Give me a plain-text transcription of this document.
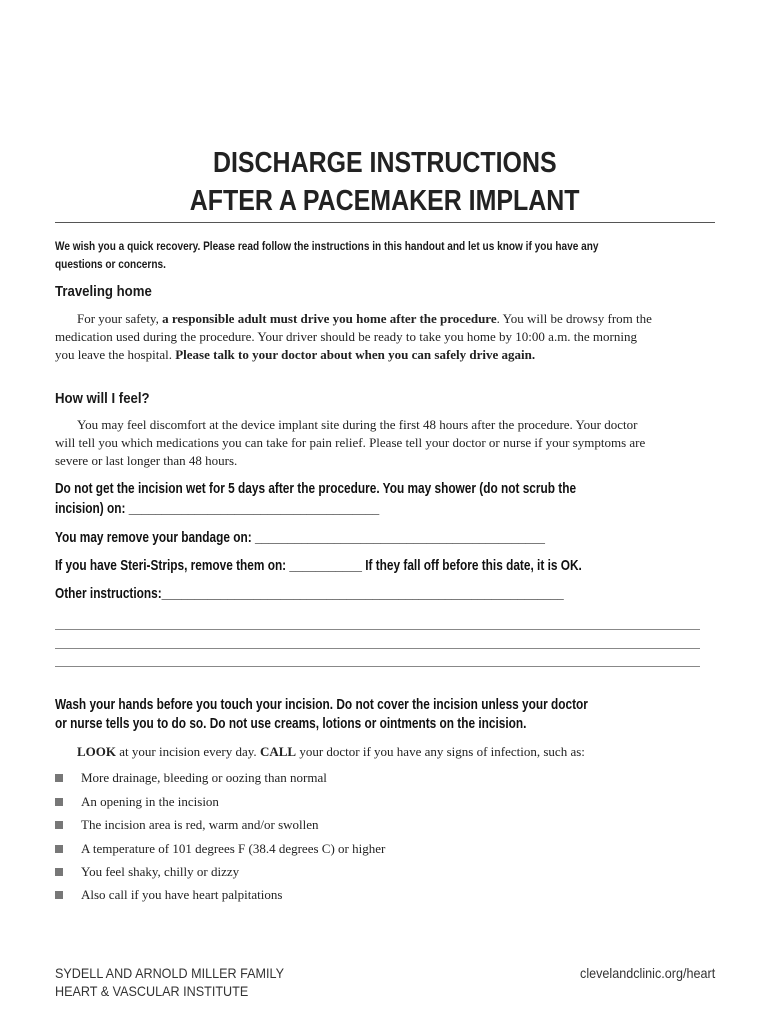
DISCHARGE INSTRUCTIONS
AFTER A PACEMAKER IMPLANT
We wish you a quick recovery. Please read follow the instructions in this handout and let us know if you have any
questions or concerns.
Traveling home
For your safety, a responsible adult must drive you home after the procedure. You will be drowsy from the
medication used during the procedure. Your driver should be ready to take you home by 10:00 a.m. the morning
you leave the hospital. Please talk to your doctor about when you can safely drive again.
How will I feel?
You may feel discomfort at the device implant site during the first 48 hours after the procedure. Your doctor
will tell you which medications you can take for pain relief. Please tell your doctor or nurse if your symptoms are
severe or last longer than 48 hours.
Do not get the incision wet for 5 days after the procedure. You may shower (do not scrub the
incision) on: ______________________________________
You may remove your bandage on: ____________________________________________
If you have Steri-Strips, remove them on: ___________ If they fall off before this date, it is OK.
Other instructions:_____________________________________________________________
Wash your hands before you touch your incision. Do not cover the incision unless your doctor
or nurse tells you to do so. Do not use creams, lotions or ointments on the incision.
LOOK at your incision every day. CALL your doctor if you have any signs of infection, such as:
More drainage, bleeding or oozing than normal
An opening in the incision
The incision area is red, warm and/or swollen
A temperature of 101 degrees F (38.4 degrees C) or higher
You feel shaky, chilly or dizzy
Also call if you have heart palpitations
SYDELL AND ARNOLD MILLER FAMILY
HEART & VASCULAR INSTITUTE
clevelandclinic.org/heart
